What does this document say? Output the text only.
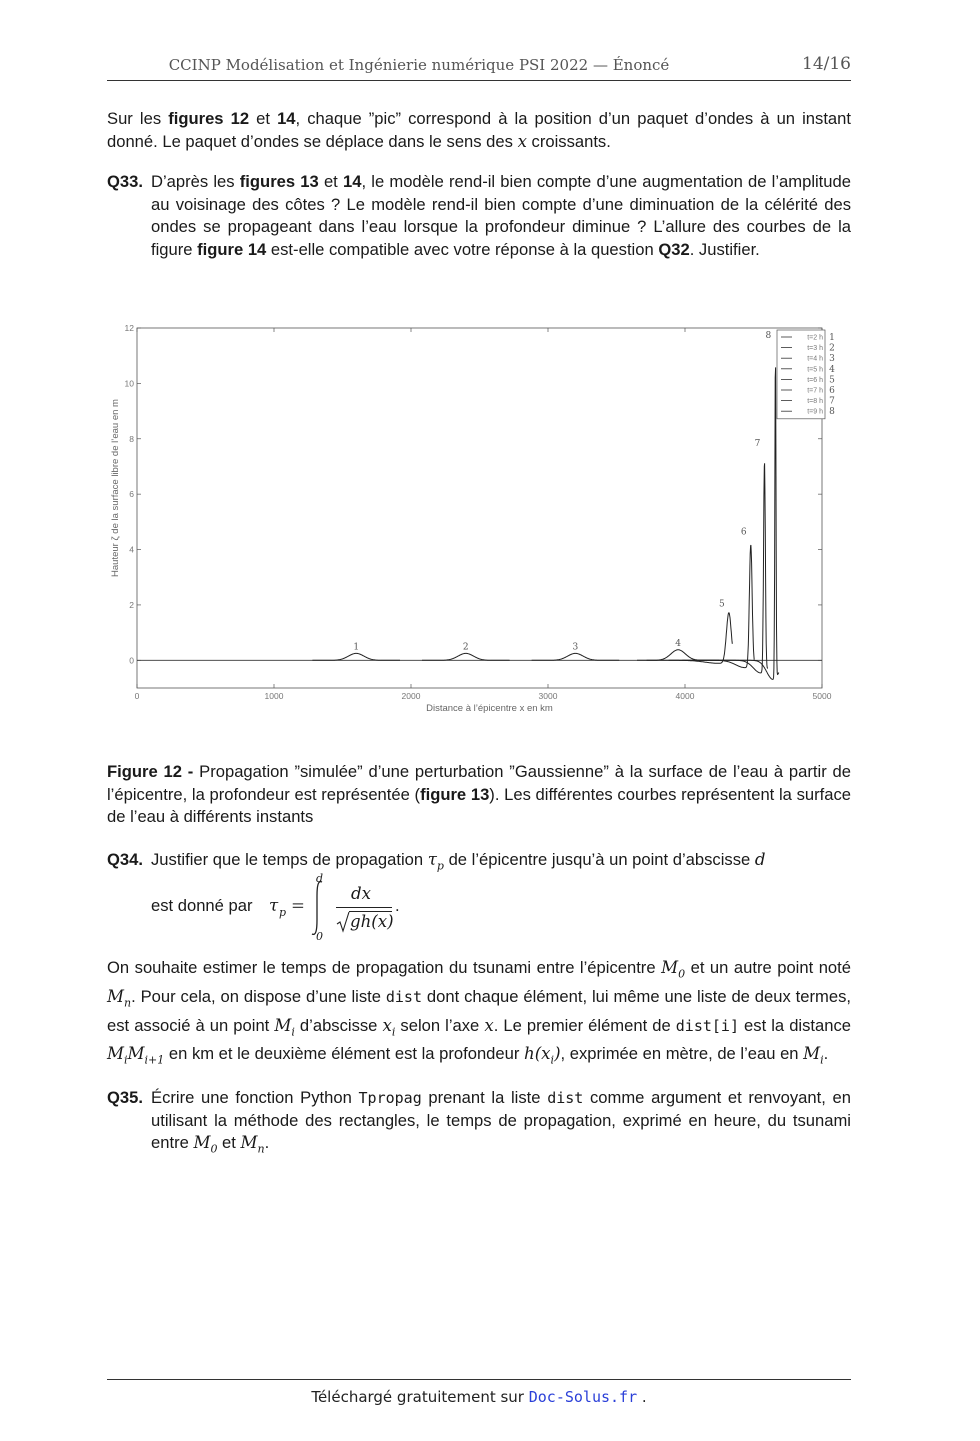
CCINP Modélisation et Ingénierie numérique PSI 2022 — Énoncé	14/16
Sur les figures 12 et 14, chaque ”pic” correspond à la position d’un paquet d’ondes à un instant donné. Le paquet d’ondes se déplace dans le sens des x croissants.
Q33. D’après les figures 13 et 14, le modèle rend-il bien compte d’une augmentation de l’amplitude au voisinage des côtes ? Le modèle rend-il bien compte d’une diminuation de la célérité des ondes se propageant dans l’eau lorsque la profondeur diminue ? L’allure des courbes de la figure figure 14 est-elle compatible avec votre réponse à la question Q32. Justifier.
0	1000	2000	3000	4000	5000
0
2
4
6
8
10
12
Distance à l’épicentre x en km
Hauteur ζ de la surface libre de l’eau en m
1	2	3	4
5
6
7
8	t=2 h 1
t=3 h 2
t=4 h 3
t=5 h 4
t=6 h 5
t=7 h 6
t=8 h 7
t=9 h 8
Figure 12 - Propagation ”simulée” d’une perturbation ”Gaussienne” à la surface de l’eau à partir de l’épicentre, la profondeur est représentée (figure 13). Les différentes courbes représentent la surface de l’eau à différents instants
Q34. Justifier que le temps de propagation $\tau_p$ de l’épicentre jusqu’à un point d’abscisse d
est donné par τ p =
d
0
dx
gh(x)
.
On souhaite estimer le temps de propagation du tsunami entre l’épicentre $M_0$ et un autre point noté $M_n$. Pour cela, on dispose d’une liste dist dont chaque élément, lui même une liste de deux termes, est associé à un point $M_i$ d’abscisse $x_i$ selon l’axe x. Le premier élément de dist[i] est la distance $M_iM_{i+1}$ en km et le deuxième élément est la profondeur $h(x_i)$, exprimée en mètre, de l’eau en $M_i$.
Q35. Écrire une fonction Python Tpropag prenant la liste dist comme argument et renvoyant, en utilisant la méthode des rectangles, le temps de propagation, exprimé en heure, du tsunami entre $M_0$ et $M_n$.
Téléchargé gratuitement sur Doc-Solus.fr .
